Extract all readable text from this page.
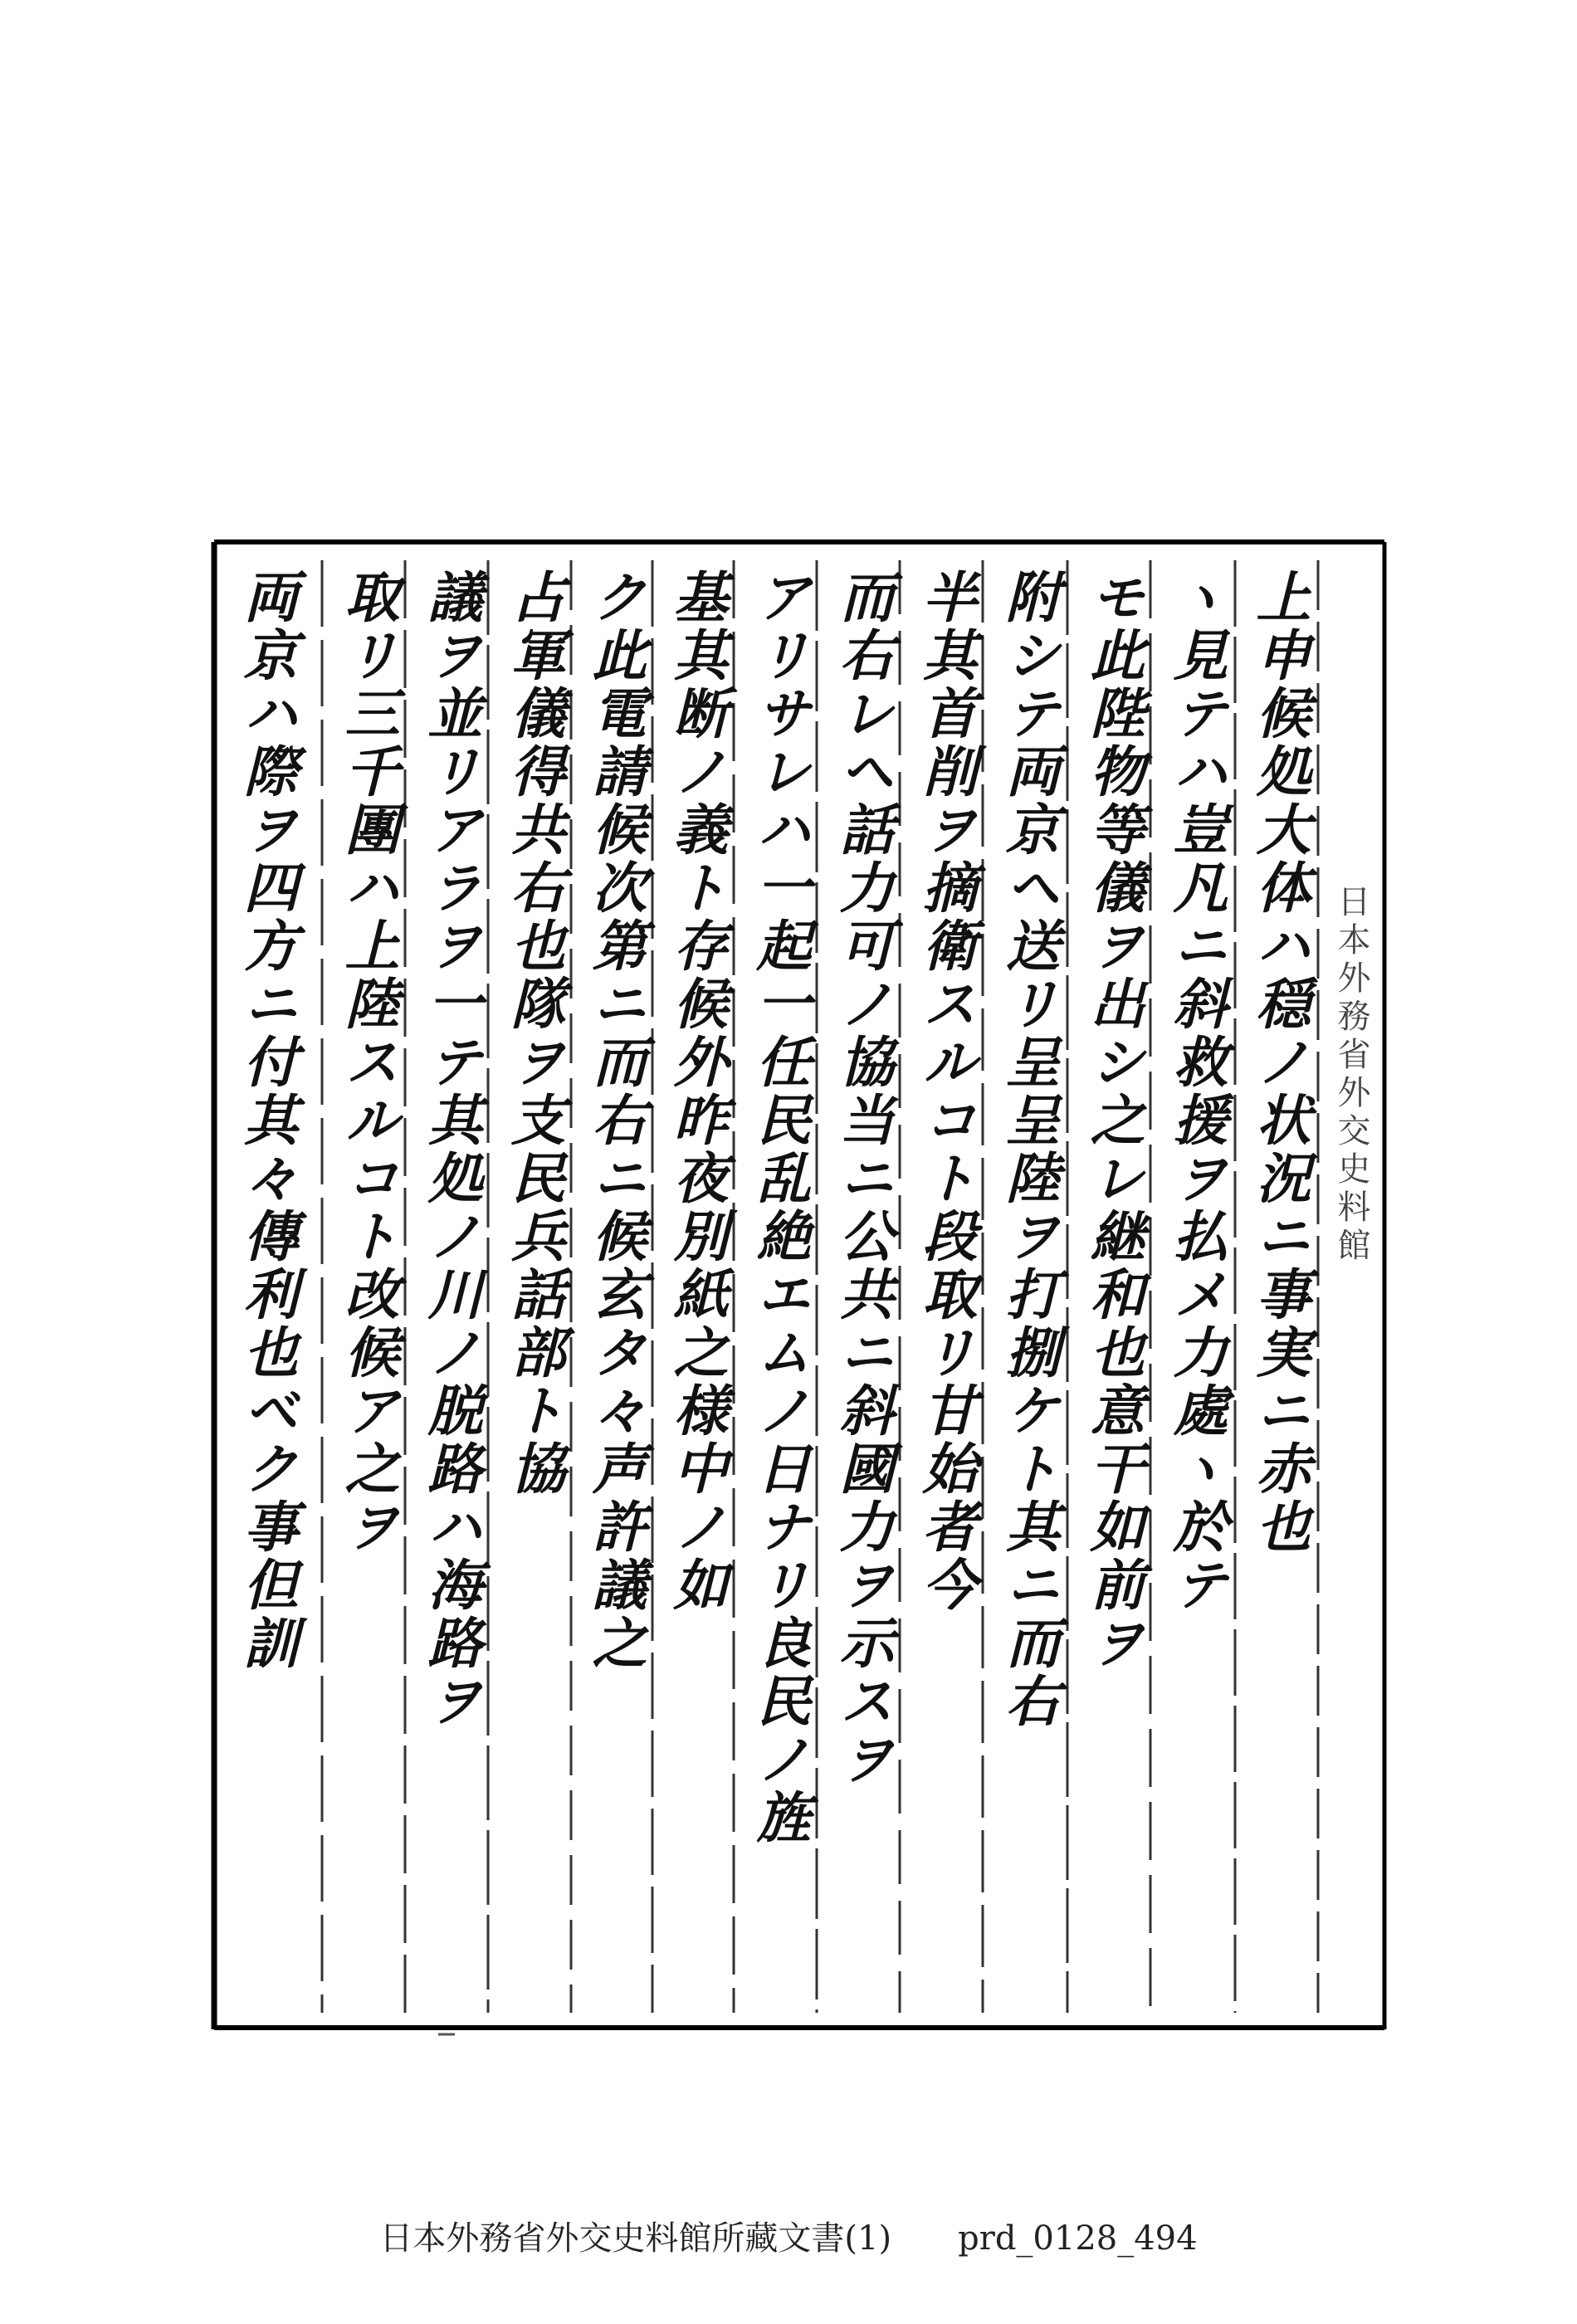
日本外務省外交史料館
上申候処大体ハ穏ノ状況ニ事実ニ赤也
ヽ見テハ豈凡ニ斜救援ヲ払メ力處ヽ於テ
モ此陛物等儀ヲ出シ之レ継和也意干如前ヲ
附シテ両京ヘ送リ呈呈陸ヲ打捌ケト其ニ而右
半其首削ヲ摘衛スルコト段取リ甘始者今
而右レヘ話力可ノ協当ニ公共ニ斜國力ヲ示スヲ
アリサレハ一起一任民乱絶エムノ日ナリ良民ノ旌
基其断ノ義ト存候外昨夜別紙之様中ノ如
ク此電請候次第ニ而右ニ候玄タ々声許議之
占軍儀得共右也隊ヲ支民兵話部ト協
議ヲ並リアラヲ一テ其処ノ川ノ脱路ハ海路ヲ
取リ三千團ハ上陸スルコト改候ア之ヲ
両京ハ際ヲ四方ニ付其々傳利也ベク事但訓
日本外務省外交史料館所藏文書(1) prd_0128_494
